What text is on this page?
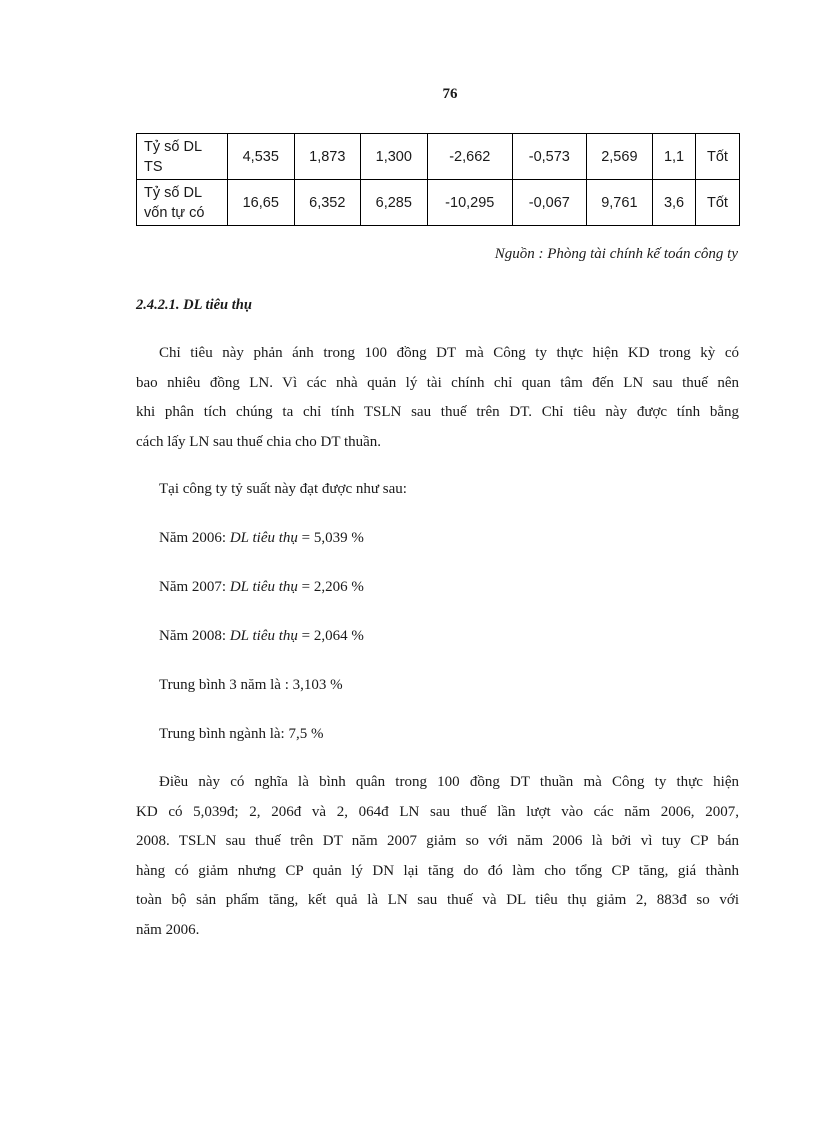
76
Tỷ số DL
TS	4,535	1,873	1,300	-2,662	-0,573	2,569	1,1	Tốt

Tỷ số DL
vốn tự có	16,65	6,352	6,285	-10,295	-0,067	9,761	3,6	Tốt
Nguồn : Phòng tài chính kế toán công ty
2.4.2.1. DL tiêu thụ
Chỉ tiêu này phản ánh trong 100 đồng DT mà Công ty thực hiện KD trong kỳ có
bao nhiêu đồng LN. Vì các nhà quản lý tài chính chỉ quan tâm đến LN sau thuế nên
khi phân tích chúng ta chỉ tính TSLN sau thuế trên DT. Chỉ tiêu này được tính bằng
cách lấy LN sau thuế chia cho DT thuần.
Tại công ty tỷ suất này đạt được như sau:
Năm 2006: DL tiêu thụ = 5,039 %
Năm 2007: DL tiêu thụ = 2,206 %
Năm 2008: DL tiêu thụ = 2,064 %
Trung bình 3 năm là : 3,103 %
Trung bình ngành là: 7,5 %
Điều này có nghĩa là bình quân trong 100 đồng DT thuần mà Công ty thực hiện
KD có 5,039đ; 2, 206đ và 2, 064đ LN sau thuế lần lượt vào các năm 2006, 2007,
2008. TSLN sau thuế trên DT năm 2007 giảm so với năm 2006 là bởi vì tuy CP bán
hàng có giảm nhưng CP quản lý DN lại tăng do đó làm cho tổng CP tăng, giá thành
toàn bộ sản phẩm tăng, kết quả là LN sau thuế và DL tiêu thụ giảm 2, 883đ so với
năm 2006.
